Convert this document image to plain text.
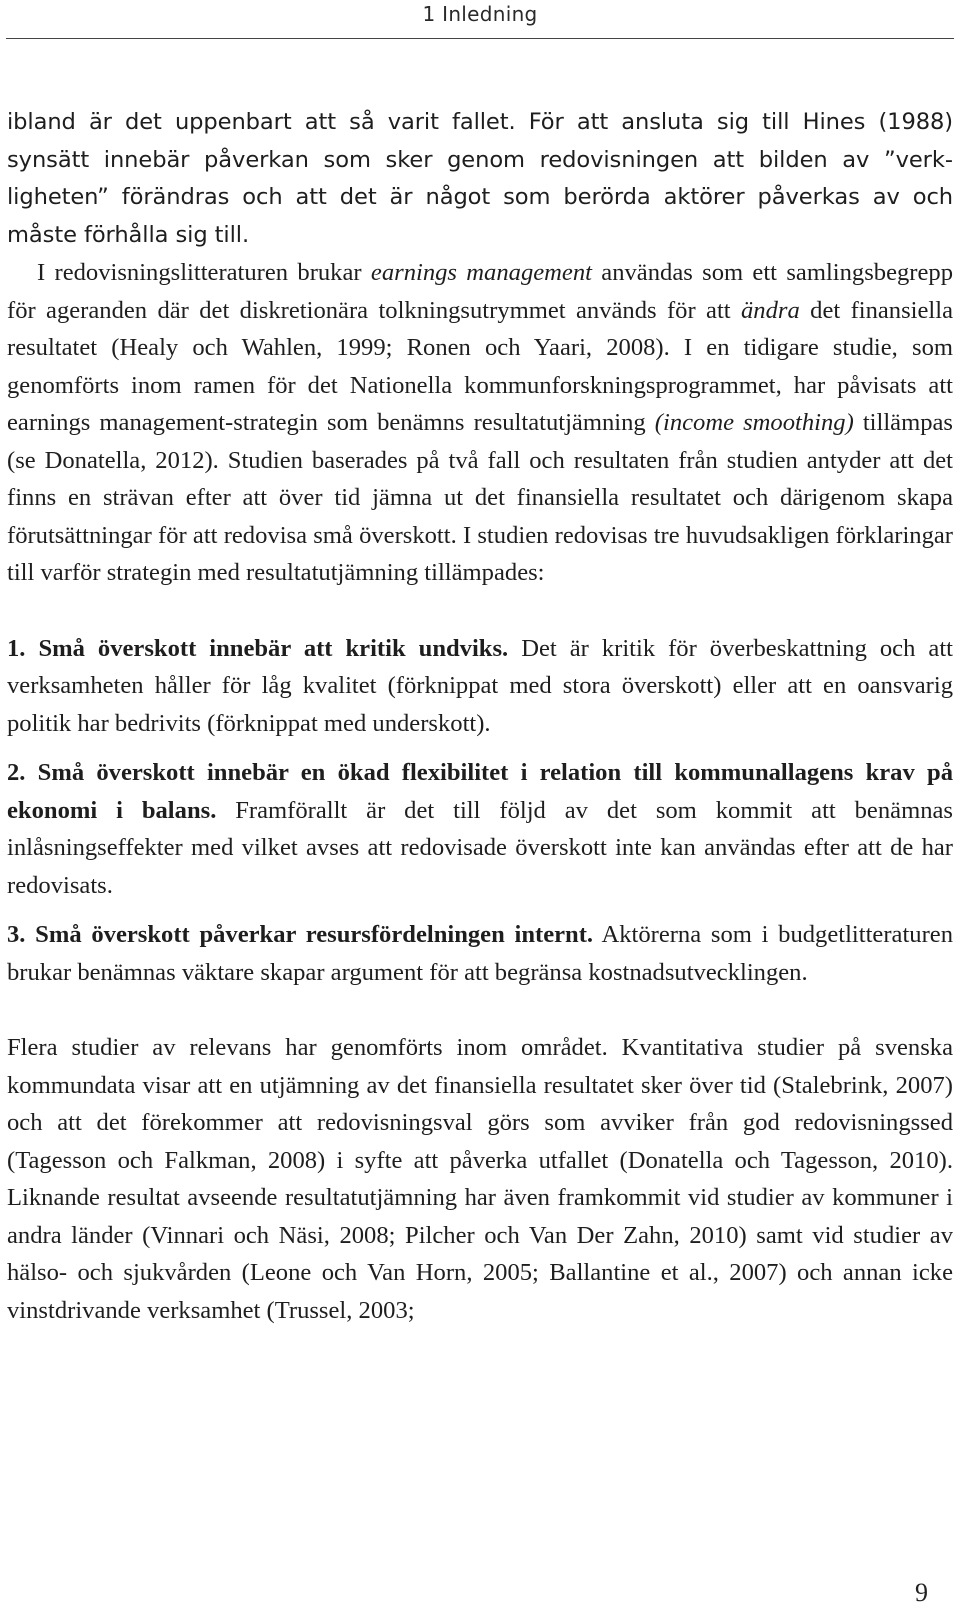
1 Inledning

ibland är det uppenbart att så varit fallet. För att ansluta sig till Hines (1988) synsätt innebär påverkan som sker genom redovisningen att bilden av ”verkligheten” förändras och att det är något som berörda aktörer påverkas av och måste förhålla sig till.

I redovisningslitteraturen brukar earnings management användas som ett samlingsbegrepp för ageranden där det diskretionära tolkningsutrymmet används för att ändra det finansiella resultatet (Healy och Wahlen, 1999; Ronen och Yaari, 2008). I en tidigare studie, som genomförts inom ramen för det Nationella kommunforskningsprogrammet, har påvisats att earnings management-strategin som benämns resultatutjämning (income smoothing) tillämpas (se Donatella, 2012). Studien baserades på två fall och resultaten från studien antyder att det finns en strävan efter att över tid jämna ut det finansiella resultatet och därigenom skapa förutsättningar för att redovisa små överskott. I studien redovisas tre huvudsakligen förklaringar till varför strategin med resultatutjämning tillämpades:

1. Små överskott innebär att kritik undviks. Det är kritik för överbeskattning och att verksamheten håller för låg kvalitet (förknippat med stora överskott) eller att en oansvarig politik har bedrivits (förknippat med underskott).

2. Små överskott innebär en ökad flexibilitet i relation till kommunallagens krav på ekonomi i balans. Framförallt är det till följd av det som kommit att benämnas inlåsningseffekter med vilket avses att redovisade överskott inte kan användas efter att de har redovisats.

3. Små överskott påverkar resursfördelningen internt. Aktörerna som i budgetlitteraturen brukar benämnas väktare skapar argument för att begränsa kostnadsutvecklingen.

Flera studier av relevans har genomförts inom området. Kvantitativa studier på svenska kommundata visar att en utjämning av det finansiella resultatet sker över tid (Stalebrink, 2007) och att det förekommer att redovisningsval görs som avviker från god redovisningssed (Tagesson och Falkman, 2008) i syfte att påverka utfallet (Donatella och Tagesson, 2010). Liknande resultat avseende resultatutjämning har även framkommit vid studier av kommuner i andra länder (Vinnari och Näsi, 2008; Pilcher och Van Der Zahn, 2010) samt vid studier av hälso- och sjukvården (Leone och Van Horn, 2005; Ballantine et al., 2007) och annan icke vinstdrivande verksamhet (Trussel, 2003;

9
